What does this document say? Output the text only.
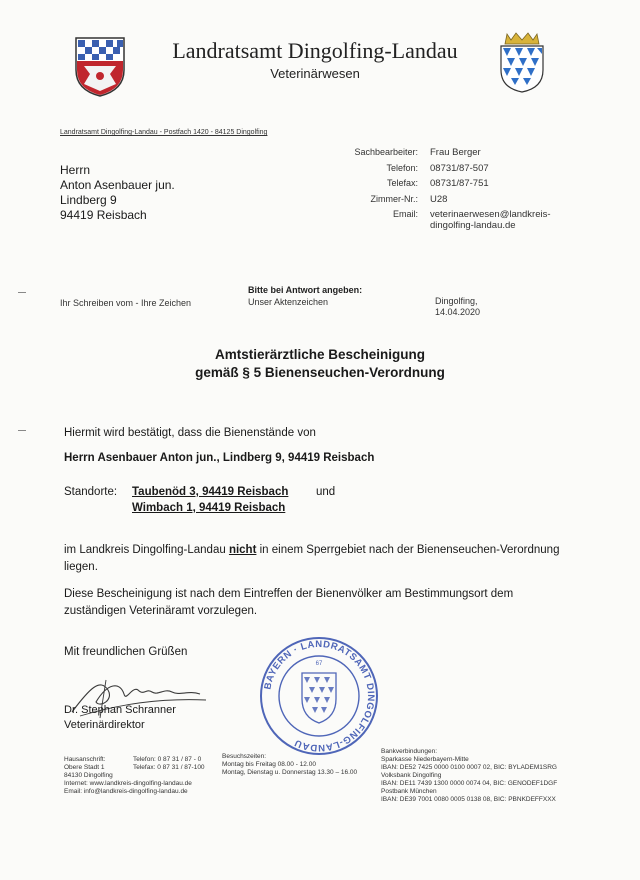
Landratsamt Dingolfing-Landau
Veterinärwesen
Landratsamt Dingolfing-Landau - Postfach 1420 - 84125 Dingolfing
Herrn
Anton Asenbauer jun.
Lindberg 9
94419 Reisbach
Sachbearbeiter:
Telefon:
Telefax:
Zimmer-Nr.:
Email:
Frau Berger
08731/87-507
08731/87-751
U28
veterinaerwesen@landkreis-
dingolfing-landau.de
Ihr Schreiben vom - Ihre Zeichen
Bitte bei Antwort angeben:
Unser Aktenzeichen	Dingolfing,
14.04.2020
Amtstierärztliche Bescheinigung
gemäß § 5 Bienenseuchen-Verordnung
Hiermit wird bestätigt, dass die Bienenstände von
Herrn Asenbauer Anton jun., Lindberg 9, 94419 Reisbach
Standorte: Taubenöd 3, 94419 Reisbach und
Wimbach 1, 94419 Reisbach
im Landkreis Dingolfing-Landau nicht in einem Sperrgebiet nach der Bienenseuchen-Verordnung liegen.
Diese Bescheinigung ist nach dem Eintreffen der Bienenvölker am Bestimmungsort dem zuständigen Veterinäramt vorzulegen.
Mit freundlichen Grüßen
Dr. Stephan Schranner
Veterinärdirektor
BAYERN · LANDRATSAMT DINGOLFING-LANDAU
67
Hausanschrift:
Obere Stadt 1
84130 Dingolfing
Internet: www.landkreis-dingolfing-landau.de
Email: info@landkreis-dingolfing-landau.de
Telefon: 0 87 31 / 87 - 0
Telefax: 0 87 31 / 87-100
Besuchszeiten:
Montag bis Freitag 08.00 - 12.00
Montag, Dienstag u. Donnerstag 13.30 – 16.00
Bankverbindungen:
Sparkasse Niederbayern-Mitte
IBAN: DE52 7425 0000 0100 0007 02, BIC: BYLADEM1SRG
Volksbank Dingolfing
IBAN: DE11 7439 1300 0000 0074 04, BIC: GENODEF1DGF
Postbank München
IBAN: DE39 7001 0080 0005 0138 08, BIC: PBNKDEFFXXX
